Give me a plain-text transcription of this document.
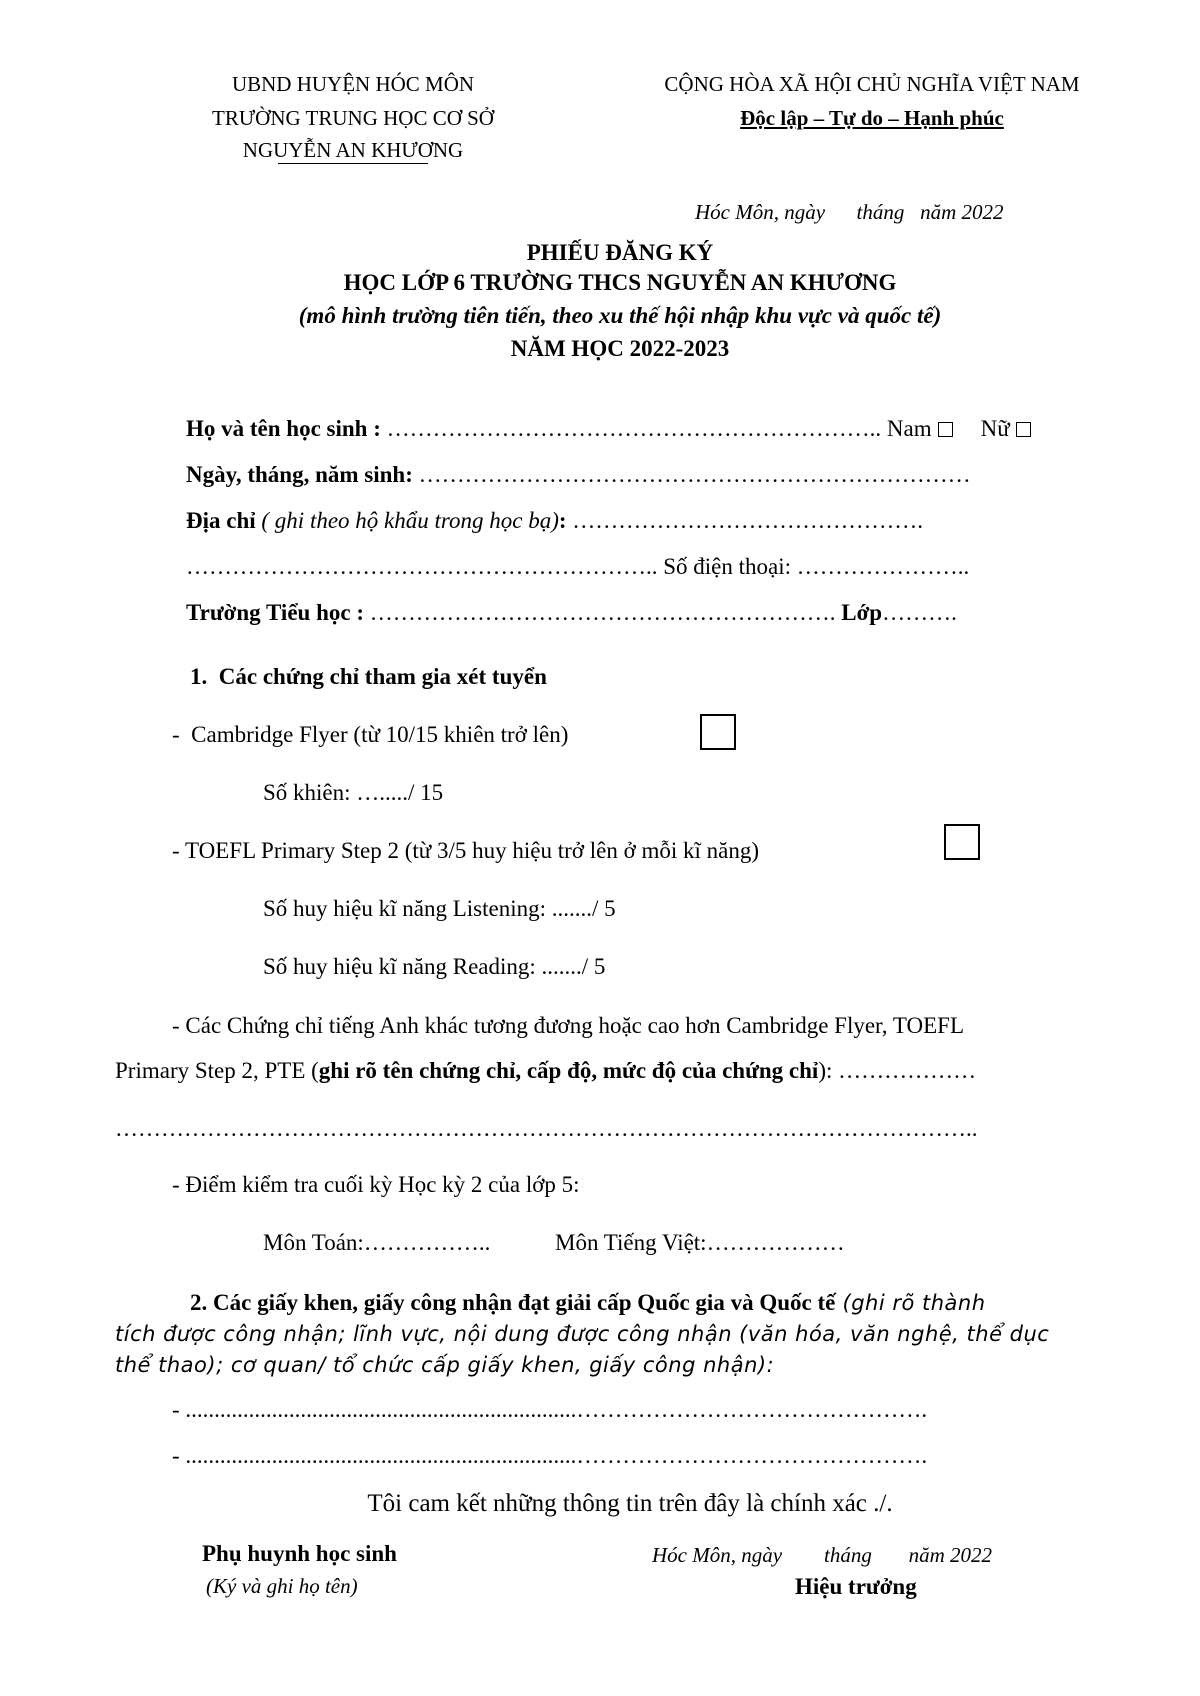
UBND HUYỆN HÓC MÔN
TRƯỜNG TRUNG HỌC CƠ SỞ
NGUYỄN AN KHƯƠNG
CỘNG HÒA XÃ HỘI CHỦ NGHĨA VIỆT NAM
Độc lập – Tự do – Hạnh phúc
Hóc Môn, ngày      tháng   năm 2022
PHIẾU ĐĂNG KÝ
HỌC LỚP 6 TRƯỜNG THCS NGUYỄN AN KHƯƠNG
(mô hình trường tiên tiến, theo xu thế hội nhập khu vực và quốc tế)
NĂM HỌC 2022-2023
Họ và tên học sinh : ……………………………………………………….. Nam Nữ
Ngày, tháng, năm sinh: ………………………………………………………………
Địa chỉ ( ghi theo hộ khẩu trong học bạ): ……………………………………….
…………………………………………………….. Số điện thoại: …………………..
Trường Tiểu học : ……………………………………………………. Lớp……….
1.  Các chứng chỉ tham gia xét tuyển
-  Cambridge Flyer (từ 10/15 khiên trở lên)
Số khiên: …...../ 15
- TOEFL Primary Step 2 (từ 3/5 huy hiệu trở lên ở mỗi kĩ năng)
Số huy hiệu kĩ năng Listening: ......./ 5
Số huy hiệu kĩ năng Reading: ......./ 5
- Các Chứng chỉ tiếng Anh khác tương đương hoặc cao hơn Cambridge Flyer, TOEFL
Primary Step 2, PTE (ghi rõ tên chứng chỉ, cấp độ, mức độ của chứng chỉ): ………………
…………………………………………………………………………………………………..
- Điểm kiểm tra cuối kỳ Học kỳ 2 của lớp 5:
Môn Toán:……………..	Môn Tiếng Việt:………………
2. Các giấy khen, giấy công nhận đạt giải cấp Quốc gia và Quốc tế (ghi rõ thành
tích được công nhận; lĩnh vực, nội dung được công nhận (văn hóa, văn nghệ, thể dục
thể thao); cơ quan/ tổ chức cấp giấy khen, giấy công nhận):
- ....................................................................……………………………………….
- ....................................................................……………………………………….
Tôi cam kết những thông tin trên đây là chính xác ./.
Phụ huynh học sinh
(Ký và ghi họ tên)
Hóc Môn, ngày        tháng       năm 2022
Hiệu trưởng
